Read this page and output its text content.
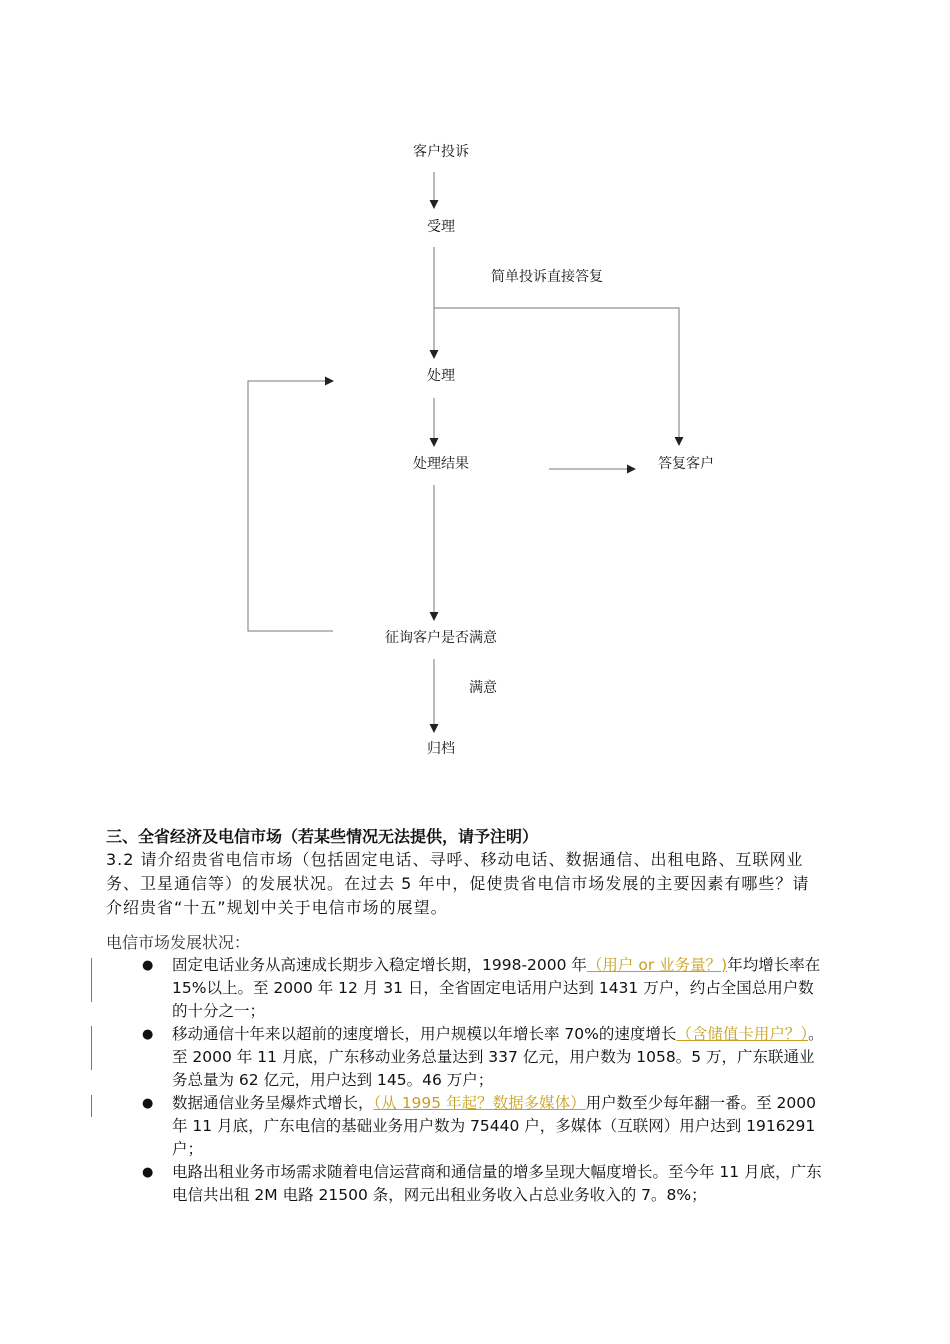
客户投诉
受理
简单投诉直接答复
处理
处理结果	答复客户
征询客户是否满意
满意
归档

三、全省经济及电信市场（若某些情况无法提供，请予注明）

3.2 请介绍贵省电信市场（包括固定电话、寻呼、移动电话、数据通信、出租电路、互联网业务、卫星通信等）的发展状况。在过去 5 年中，促使贵省电信市场发展的主要因素有哪些？请介绍贵省“十五”规划中关于电信市场的展望。

电信市场发展状况：
● 固定电话业务从高速成长期步入稳定增长期，1998-2000 年（用户 or 业务量？)年均增长率在 15%以上。至 2000 年 12 月 31 日，全省固定电话用户达到 1431 万户，约占全国总用户数的十分之一；
● 移动通信十年来以超前的速度增长，用户规模以年增长率 70%的速度增长（含储值卡用户？）。至 2000 年 11 月底，广东移动业务总量达到 337 亿元，用户数为 1058。5 万，广东联通业务总量为 62 亿元，用户达到 145。46 万户；
● 数据通信业务呈爆炸式增长，（从 1995 年起？数据多媒体）用户数至少每年翻一番。至 2000 年 11 月底，广东电信的基础业务用户数为 75440 户，多媒体（互联网）用户达到 1916291 户；
● 电路出租业务市场需求随着电信运营商和通信量的增多呈现大幅度增长。至今年 11 月底，广东电信共出租 2M 电路 21500 条，网元出租业务收入占总业务收入的 7。8%；
